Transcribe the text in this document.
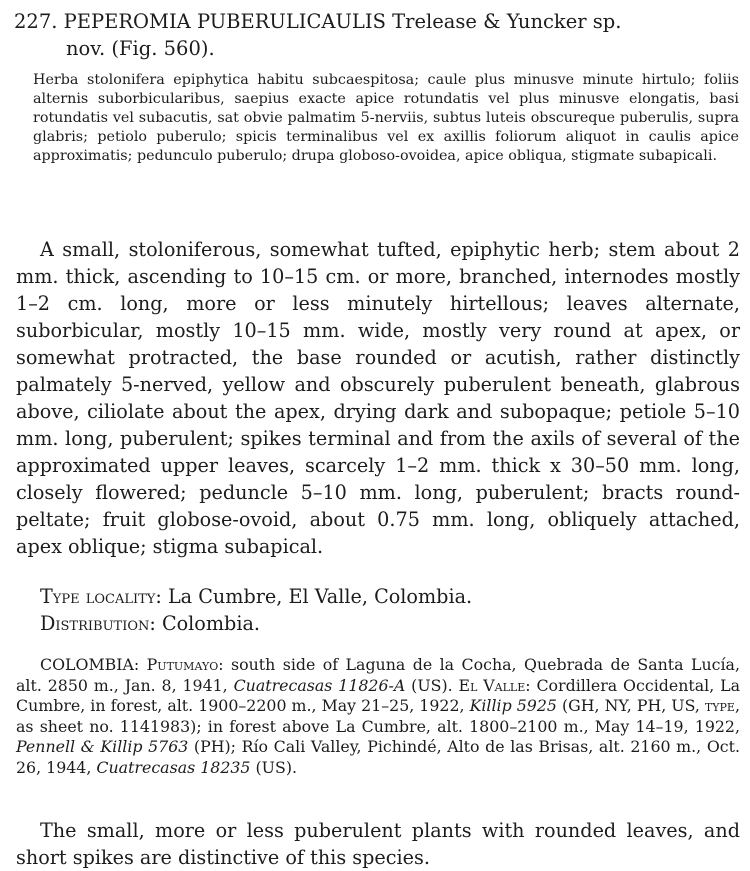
227. PEPEROMIA PUBERULICAULIS Trelease & Yuncker sp.
nov. (Fig. 560).
Herba stolonifera epiphytica habitu subcaespitosa; caule plus minusve minute hirtulo; foliis alternis suborbicularibus, saepius exacte apice rotundatis vel plus minusve elongatis, basi rotundatis vel subacutis, sat obvie palmatim 5-nerviis, subtus luteis obscureque puberulis, supra glabris; petiolo puberulo; spicis terminalibus vel ex axillis foliorum aliquot in caulis apice approximatis; pedunculo puberulo; drupa globoso-ovoidea, apice obliqua, stigmate subapicali.
A small, stoloniferous, somewhat tufted, epiphytic herb; stem about 2 mm. thick, ascending to 10–15 cm. or more, branched, internodes mostly 1–2 cm. long, more or less minutely hirtellous; leaves alternate, suborbicular, mostly 10–15 mm. wide, mostly very round at apex, or somewhat protracted, the base rounded or acutish, rather distinctly palmately 5-nerved, yellow and obscurely puberulent beneath, glabrous above, ciliolate about the apex, drying dark and subopaque; petiole 5–10 mm. long, puberulent; spikes terminal and from the axils of several of the approximated upper leaves, scarcely 1–2 mm. thick x 30–50 mm. long, closely flowered; peduncle 5–10 mm. long, puberulent; bracts round-peltate; fruit globose-ovoid, about 0.75 mm. long, obliquely attached, apex oblique; stigma subapical.
Type locality: La Cumbre, El Valle, Colombia.
Distribution: Colombia.
COLOMBIA: Putumayo: south side of Laguna de la Cocha, Quebrada de Santa Lucía, alt. 2850 m., Jan. 8, 1941, Cuatrecasas 11826-A (US). El Valle: Cordillera Occidental, La Cumbre, in forest, alt. 1900–2200 m., May 21–25, 1922, Killip 5925 (GH, NY, PH, US, type, as sheet no. 1141983); in forest above La Cumbre, alt. 1800–2100 m., May 14–19, 1922, Pennell & Killip 5763 (PH); Río Cali Valley, Pichindé, Alto de las Brisas, alt. 2160 m., Oct. 26, 1944, Cuatrecasas 18235 (US).
The small, more or less puberulent plants with rounded leaves, and short spikes are distinctive of this species.
